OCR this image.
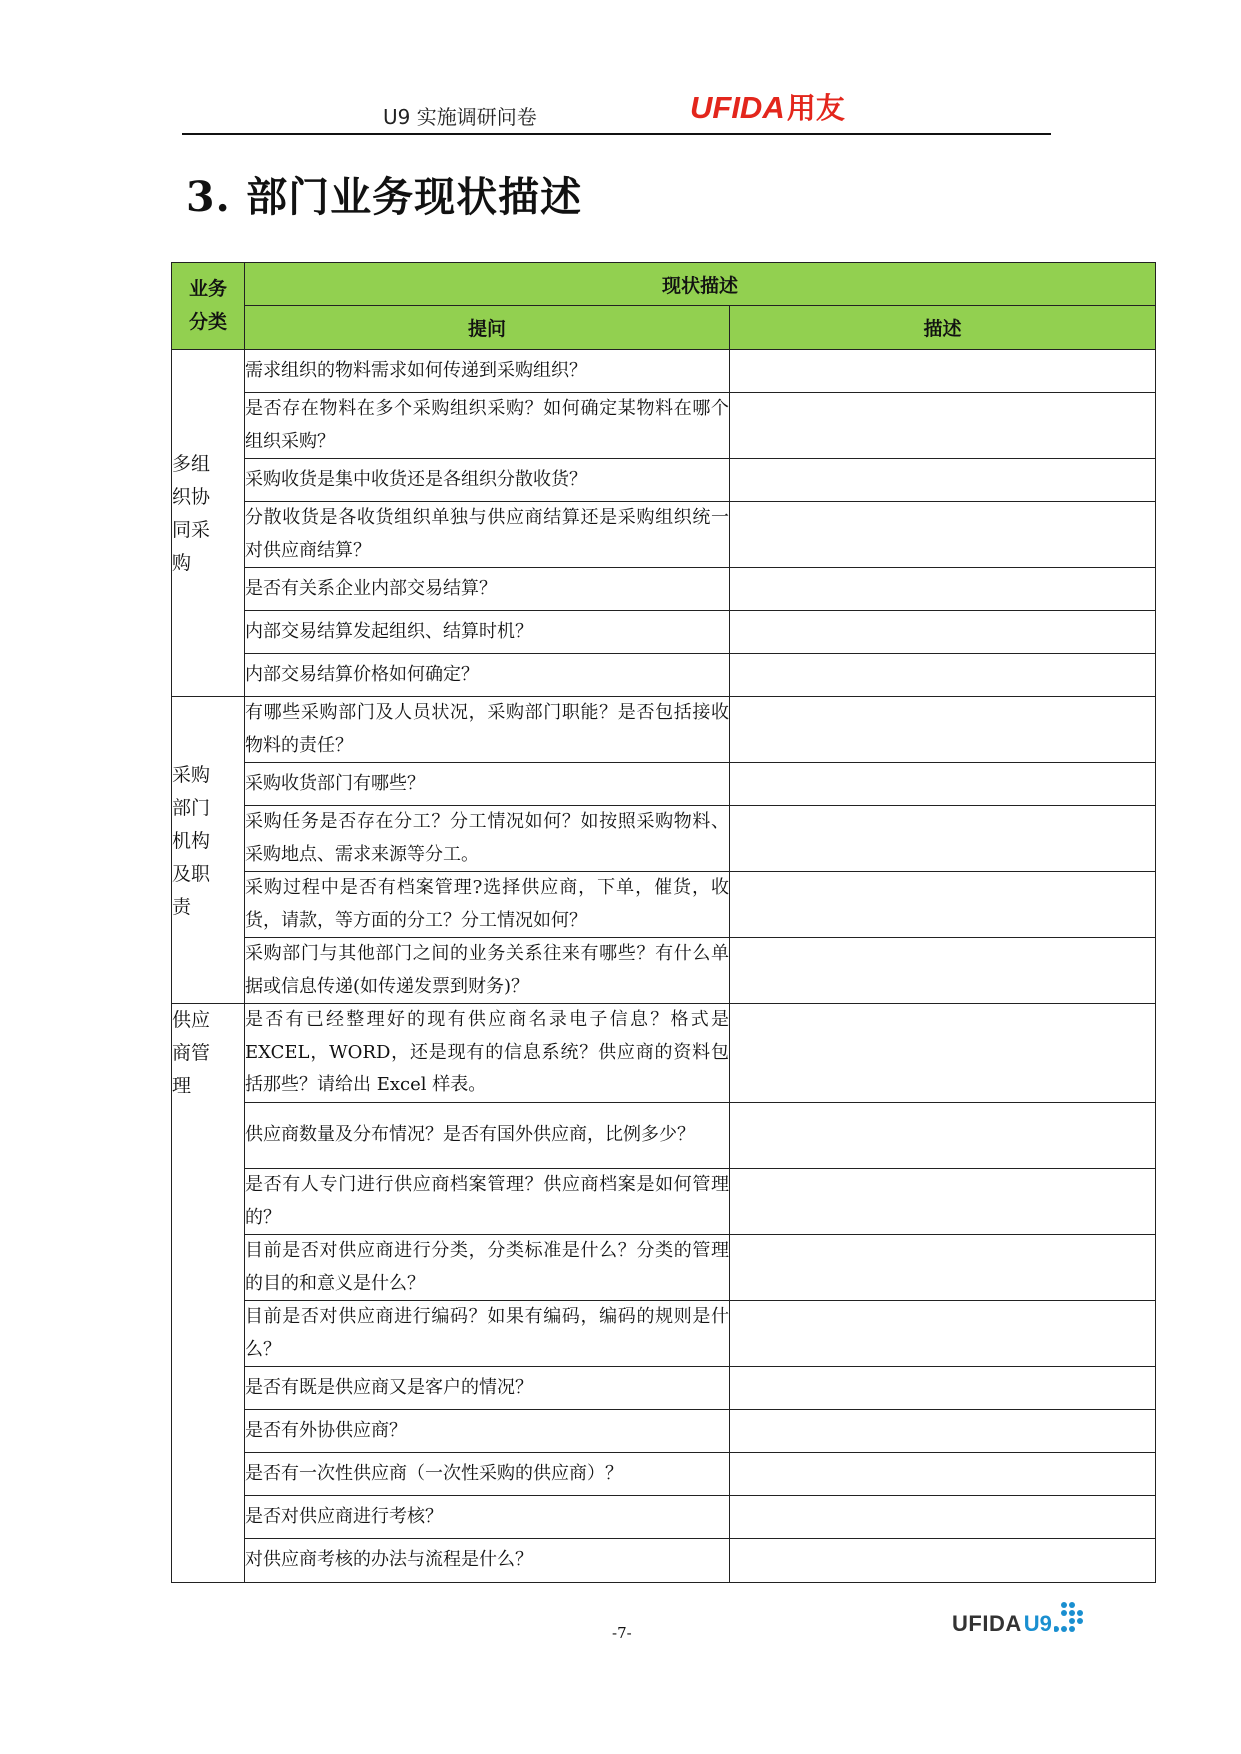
U9 实施调研问卷	UFIDA 用友
3. 部门业务现状描述
业务分类	现状描述	
	提问	描述

多组织协同采购	需求组织的物料需求如何传递到采购组织？	
	是否存在物料在多个采购组织采购？如何确定某物料在哪个组织采购？	
	采购收货是集中收货还是各组织分散收货？	
	分散收货是各收货组织单独与供应商结算还是采购组织统一对供应商结算？	
	是否有关系企业内部交易结算？	
	内部交易结算发起组织、结算时机？	
	内部交易结算价格如何确定？	

采购部门机构及职责	有哪些采购部门及人员状况，采购部门职能？是否包括接收物料的责任？	
	采购收货部门有哪些？	
	采购任务是否存在分工？分工情况如何？如按照采购物料、采购地点、需求来源等分工。	
	采购过程中是否有档案管理?选择供应商，下单，催货，收货，请款，等方面的分工？分工情况如何？	
	采购部门与其他部门之间的业务关系往来有哪些？有什么单据或信息传递(如传递发票到财务)？	

供应商管理	是否有已经整理好的现有供应商名录电子信息？格式是 EXCEL，WORD，还是现有的信息系统？供应商的资料包括那些？请给出 Excel 样表。	
	供应商数量及分布情况？是否有国外供应商，比例多少？	
	是否有人专门进行供应商档案管理？供应商档案是如何管理的？	
	目前是否对供应商进行分类，分类标准是什么？分类的管理的目的和意义是什么？	
	目前是否对供应商进行编码？如果有编码，编码的规则是什么？	
	是否有既是供应商又是客户的情况？	
	是否有外协供应商？	
	是否有一次性供应商（一次性采购的供应商）？	
	是否对供应商进行考核？	
	对供应商考核的办法与流程是什么？	
-7-	UFIDA U9
